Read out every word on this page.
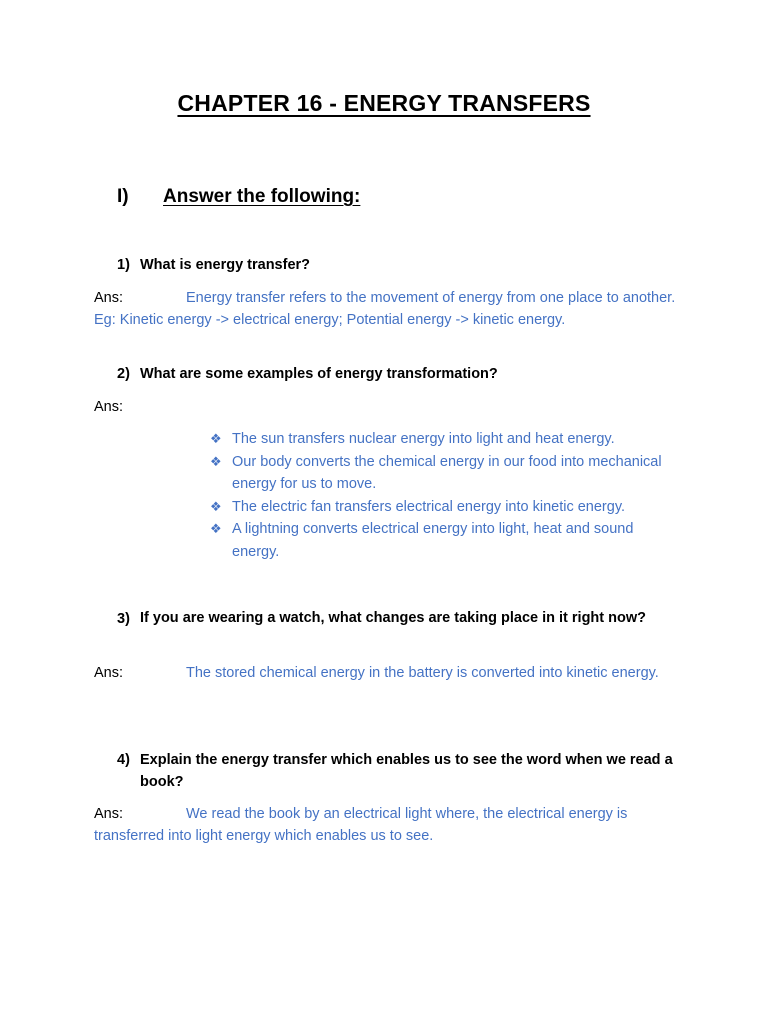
CHAPTER 16 - ENERGY TRANSFERS
I) Answer the following:
1) What is energy transfer?
Ans:	Energy transfer refers to the movement of energy from one place to another. Eg: Kinetic energy -> electrical energy; Potential energy -> kinetic energy.
2) What are some examples of energy transformation?
Ans:
❖ The sun transfers nuclear energy into light and heat energy.
❖ Our body converts the chemical energy in our food into mechanical energy for us to move.
❖ The electric fan transfers electrical energy into kinetic energy.
❖ A lightning converts electrical energy into light, heat and sound energy.
3) If you are wearing a watch, what changes are taking place in it right now?
Ans:	The stored chemical energy in the battery is converted into kinetic energy.
4) Explain the energy transfer which enables us to see the word when we read a book?
Ans:	We read the book by an electrical light where, the electrical energy is transferred into light energy which enables us to see.
